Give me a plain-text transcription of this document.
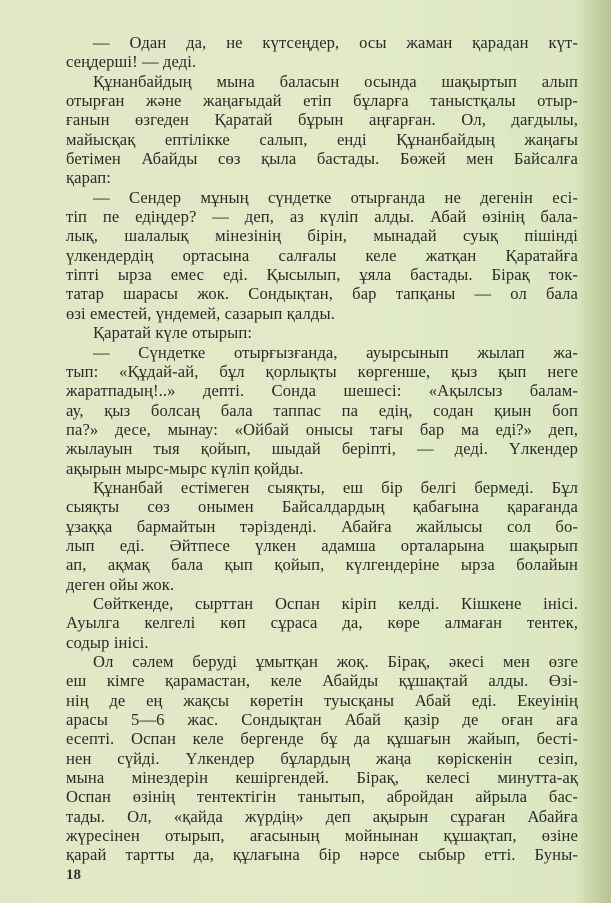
— Одан да, не күтсеңдер, осы жаман қарадан күт-
сеңдерші! — деді.
Құнанбайдың мына баласын осында шақыртып алып
отырған және жаңағыдай етіп бұларға таныстқалы отыр-
ғанын өзгеден Қаратай бұрын аңғарған. Ол, дағдылы,
майысқақ ептілікке салып, енді Құнанбайдың жаңағы
бетімен Абайды сөз қыла бастады. Бөжей мен Байсалға
қарап:
— Сендер мұның сүндетке отырғанда не дегенін есі-
тіп пе едіңдер? — деп, аз күліп алды. Абай өзінің бала-
лық, шалалық мінезінің бірін, мынадай суық пішінді
үлкендердің ортасына салғалы келе жатқан Қаратайға
тіпті ырза емес еді. Қысылып, ұяла бастады. Бірақ ток-
татар шарасы жок. Сондықтан, бар тапқаны — ол бала
өзі еместей, үндемей, сазарып қалды.
Қаратай күле отырып:
— Сүндетке отырғызғанда, ауырсынып жылап жа-
тып: «Құдай-ай, бұл қорлықты көргенше, қыз қып неге
жаратпадың!..» депті. Сонда шешесі: «Ақылсыз балам-
ау, қыз болсаң бала таппас па едің, содан қиын боп
па?» десе, мынау: «Ойбай онысы тағы бар ма еді?» деп,
жылауын тыя қойып, шыдай беріпті, — деді. Үлкендер
ақырын мырс-мырс күліп қойды.
Құнанбай естімеген сыяқты, еш бір белгі бермеді. Бұл
сыяқты сөз онымен Байсалдардың қабағына қарағанда
ұзаққа бармайтын тәрізденді. Абайға жайлысы сол бо-
лып еді. Әйтпесе үлкен адамша орталарына шақырып
ап, ақмақ бала қып қойып, күлгендеріне ырза болайын
деген ойы жок.
Сөйткенде, сырттан Оспан кіріп келді. Кішкене інісі.
Ауылга келгелі көп сұраса да, көре алмаған тентек,
содыр інісі.
Ол сәлем беруді ұмытқан жоқ. Бірақ, әкесі мен өзге
еш кімге қарамастан, келе Абайды құшақтай алды. Өзі-
нің де ең жақсы көретін туысқаны Абай еді. Екеуінің
арасы 5—6 жас. Сондықтан Абай қазір де оған аға
есепті. Оспан келе бергенде бұ да құшағын жайып, бесті-
нен сүйді. Үлкендер бұлардың жаңа көріскенін сезіп,
мына мінездерін кешіргендей. Бірақ, келесі минутта-ақ
Оспан өзінің тентектігін танытып, абройдан айрыла бас-
тады. Ол, «қайда жүрдің» деп ақырын сұраған Абайға
жүресінен отырып, ағасының мойнынан құшақтап, өзіне
қарай тартты да, құлағына бір нәрсе сыбыр етті. Буны-
18
